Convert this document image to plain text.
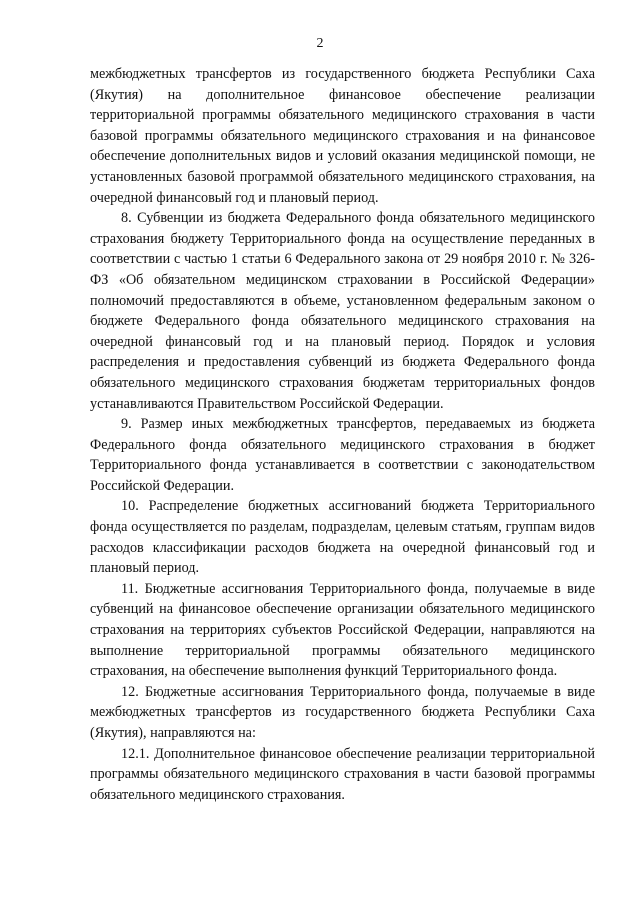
2

межбюджетных трансфертов из государственного бюджета Республики Саха (Якутия) на дополнительное финансовое обеспечение реализации территориальной программы обязательного медицинского страхования в части базовой программы обязательного медицинского страхования и на финансовое обеспечение дополнительных видов и условий оказания медицинской помощи, не установленных базовой программой обязательного медицинского страхования, на очередной финансовый год и плановый период.

8. Субвенции из бюджета Федерального фонда обязательного медицинского страхования бюджету Территориального фонда на осуществление переданных в соответствии с частью 1 статьи 6 Федерального закона от 29 ноября 2010 г. № 326-ФЗ «Об обязательном медицинском страховании в Российской Федерации» полномочий предоставляются в объеме, установленном федеральным законом о бюджете Федерального фонда обязательного медицинского страхования на очередной финансовый год и на плановый период. Порядок и условия распределения и предоставления субвенций из бюджета Федерального фонда обязательного медицинского страхования бюджетам территориальных фондов устанавливаются Правительством Российской Федерации.

9. Размер иных межбюджетных трансфертов, передаваемых из бюджета Федерального фонда обязательного медицинского страхования в бюджет Территориального фонда устанавливается в соответствии с законодательством Российской Федерации.

10. Распределение бюджетных ассигнований бюджета Территориального фонда осуществляется по разделам, подразделам, целевым статьям, группам видов расходов классификации расходов бюджета на очередной финансовый год и плановый период.

11. Бюджетные ассигнования Территориального фонда, получаемые в виде субвенций на финансовое обеспечение организации обязательного медицинского страхования на территориях субъектов Российской Федерации, направляются на выполнение территориальной программы обязательного медицинского страхования, на обеспечение выполнения функций Территориального фонда.

12. Бюджетные ассигнования Территориального фонда, получаемые в виде межбюджетных трансфертов из государственного бюджета Республики Саха (Якутия), направляются на:

12.1. Дополнительное финансовое обеспечение реализации территориальной программы обязательного медицинского страхования в части базовой программы обязательного медицинского страхования.
